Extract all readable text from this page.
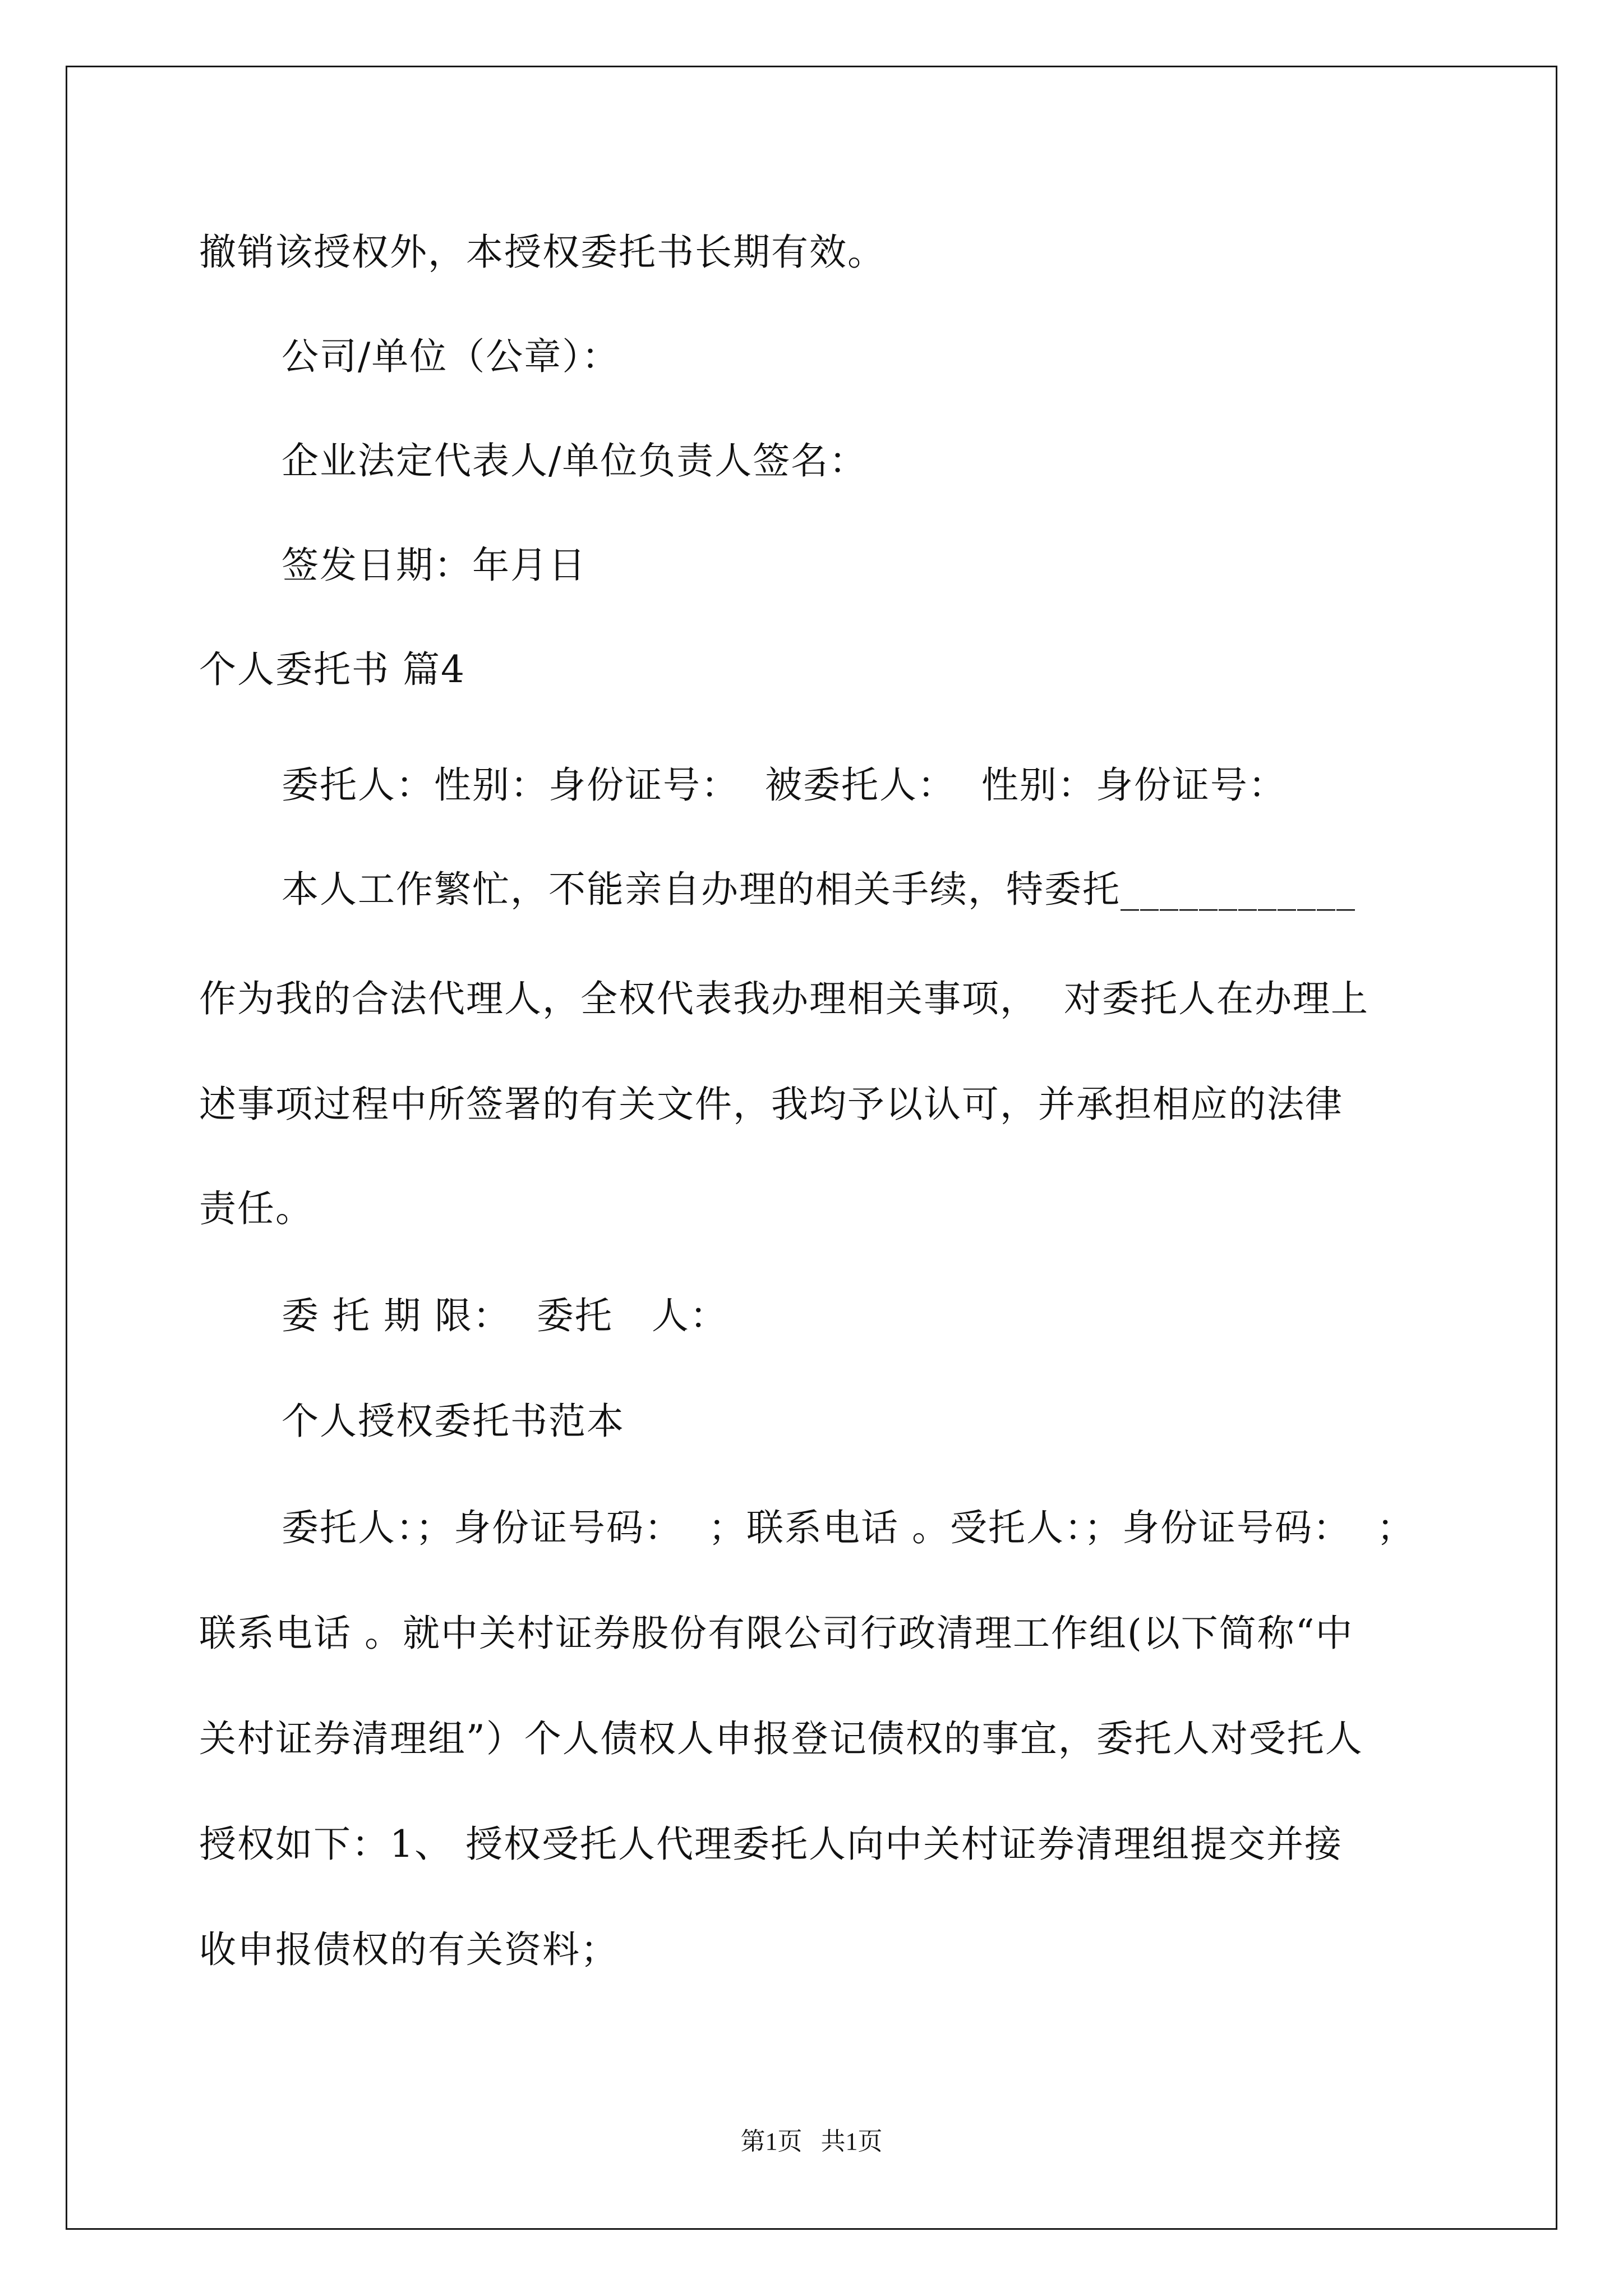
撤销该授权外，本授权委托书长期有效。
公司/单位（公章）：
企业法定代表人/单位负责人签名：
签发日期：年月日
个人委托书 篇4
委托人：性别：身份证号：  被委托人：  性别：身份证号：
本人工作繁忙，不能亲自办理的相关手续，特委托____________
作为我的合法代理人，全权代表我办理相关事项，  对委托人在办理上
述事项过程中所签署的有关文件，我均予以认可，并承担相应的法律
责任。
委 托 期 限：  委托   人：
个人授权委托书范本
委托人：；身份证号码：  ；联系电话 。受托人：；身份证号码：  ；
联系电话 。就中关村证券股份有限公司行政清理工作组(以下简称“中
关村证券清理组”）个人债权人申报登记债权的事宜，委托人对受托人
授权如下：1、 授权受托人代理委托人向中关村证券清理组提交并接
收申报债权的有关资料；
第1页   共1页
